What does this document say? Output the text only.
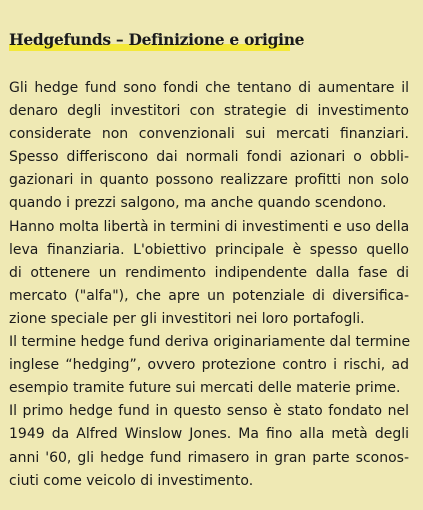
Hedgefunds – Definizione e origine
Gli hedge fund sono fondi che tentano di aumentare il
denaro degli investitori con strategie di investimento
considerate non convenzionali sui mercati finanziari.
Spesso differiscono dai normali fondi azionari o obbli-
gazionari in quanto possono realizzare profitti non solo
quando i prezzi salgono, ma anche quando scendono.
Hanno molta libertà in termini di investimenti e uso della
leva finanziaria. L'obiettivo principale è spesso quello
di ottenere un rendimento indipendente dalla fase di
mercato ("alfa"), che apre un potenziale di diversifica-
zione speciale per gli investitori nei loro portafogli.
Il termine hedge fund deriva originariamente dal termine
inglese “hedging”, ovvero protezione contro i rischi, ad
esempio tramite future sui mercati delle materie prime.
Il primo hedge fund in questo senso è stato fondato nel
1949 da Alfred Winslow Jones. Ma fino alla metà degli
anni '60, gli hedge fund rimasero in gran parte sconos-
ciuti come veicolo di investimento.
